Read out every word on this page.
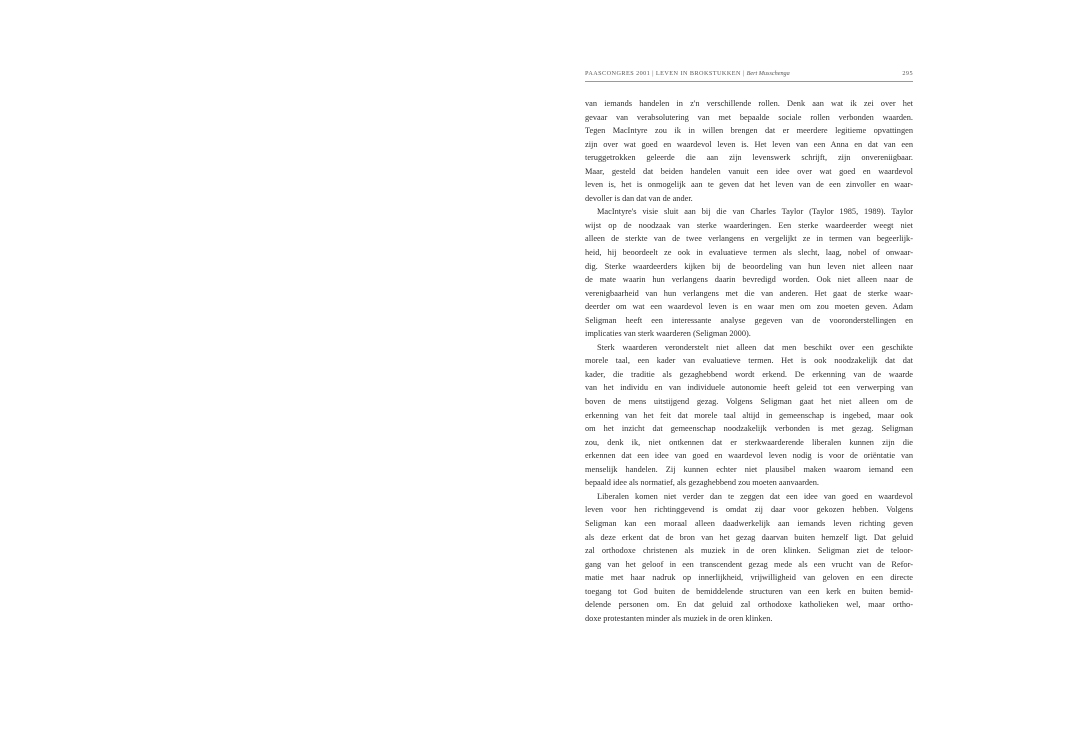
PAASCONGRES 2001 | LEVEN IN BROKSTUKKEN | Bert Musschenga	295
van iemands handelen in z'n verschillende rollen. Denk aan wat ik zei over het
gevaar van verabsolutering van met bepaalde sociale rollen verbonden waarden.
Tegen MacIntyre zou ik in willen brengen dat er meerdere legitieme opvattingen
zijn over wat goed en waardevol leven is. Het leven van een Anna en dat van een
teruggetrokken geleerde die aan zijn levenswerk schrijft, zijn onvereniigbaar.
Maar, gesteld dat beiden handelen vanuit een idee over wat goed en waardevol
leven is, het is onmogelijk aan te geven dat het leven van de een zinvoller en waar-
devoller is dan dat van de ander.
MacIntyre's visie sluit aan bij die van Charles Taylor (Taylor 1985, 1989). Taylor
wijst op de noodzaak van sterke waarderingen. Een sterke waardeerder weegt niet
alleen de sterkte van de twee verlangens en vergelijkt ze in termen van begeerlijk-
heid, hij beoordeelt ze ook in evaluatieve termen als slecht, laag, nobel of onwaar-
dig. Sterke waardeerders kijken bij de beoordeling van hun leven niet alleen naar
de mate waarin hun verlangens daarin bevredigd worden. Ook niet alleen naar de
verenigbaarheid van hun verlangens met die van anderen. Het gaat de sterke waar-
deerder om wat een waardevol leven is en waar men om zou moeten geven. Adam
Seligman heeft een interessante analyse gegeven van de vooronderstellingen en
implicaties van sterk waarderen (Seligman 2000).
Sterk waarderen veronderstelt niet alleen dat men beschikt over een geschikte
morele taal, een kader van evaluatieve termen. Het is ook noodzakelijk dat dat
kader, die traditie als gezaghebbend wordt erkend. De erkenning van de waarde
van het individu en van individuele autonomie heeft geleid tot een verwerping van
boven de mens uitstijgend gezag. Volgens Seligman gaat het niet alleen om de
erkenning van het feit dat morele taal altijd in gemeenschap is ingebed, maar ook
om het inzicht dat gemeenschap noodzakelijk verbonden is met gezag. Seligman
zou, denk ik, niet ontkennen dat er sterkwaarderende liberalen kunnen zijn die
erkennen dat een idee van goed en waardevol leven nodig is voor de oriëntatie van
menselijk handelen. Zij kunnen echter niet plausibel maken waarom iemand een
bepaald idee als normatief, als gezaghebbend zou moeten aanvaarden.
Liberalen komen niet verder dan te zeggen dat een idee van goed en waardevol
leven voor hen richtinggevend is omdat zij daar voor gekozen hebben. Volgens
Seligman kan een moraal alleen daadwerkelijk aan iemands leven richting geven
als deze erkent dat de bron van het gezag daarvan buiten hemzelf ligt. Dat geluid
zal orthodoxe christenen als muziek in de oren klinken. Seligman ziet de teloor-
gang van het geloof in een transcendent gezag mede als een vrucht van de Refor-
matie met haar nadruk op innerlijkheid, vrijwilligheid van geloven en een directe
toegang tot God buiten de bemiddelende structuren van een kerk en buiten bemid-
delende personen om. En dat geluid zal orthodoxe katholieken wel, maar ortho-
doxe protestanten minder als muziek in de oren klinken.
